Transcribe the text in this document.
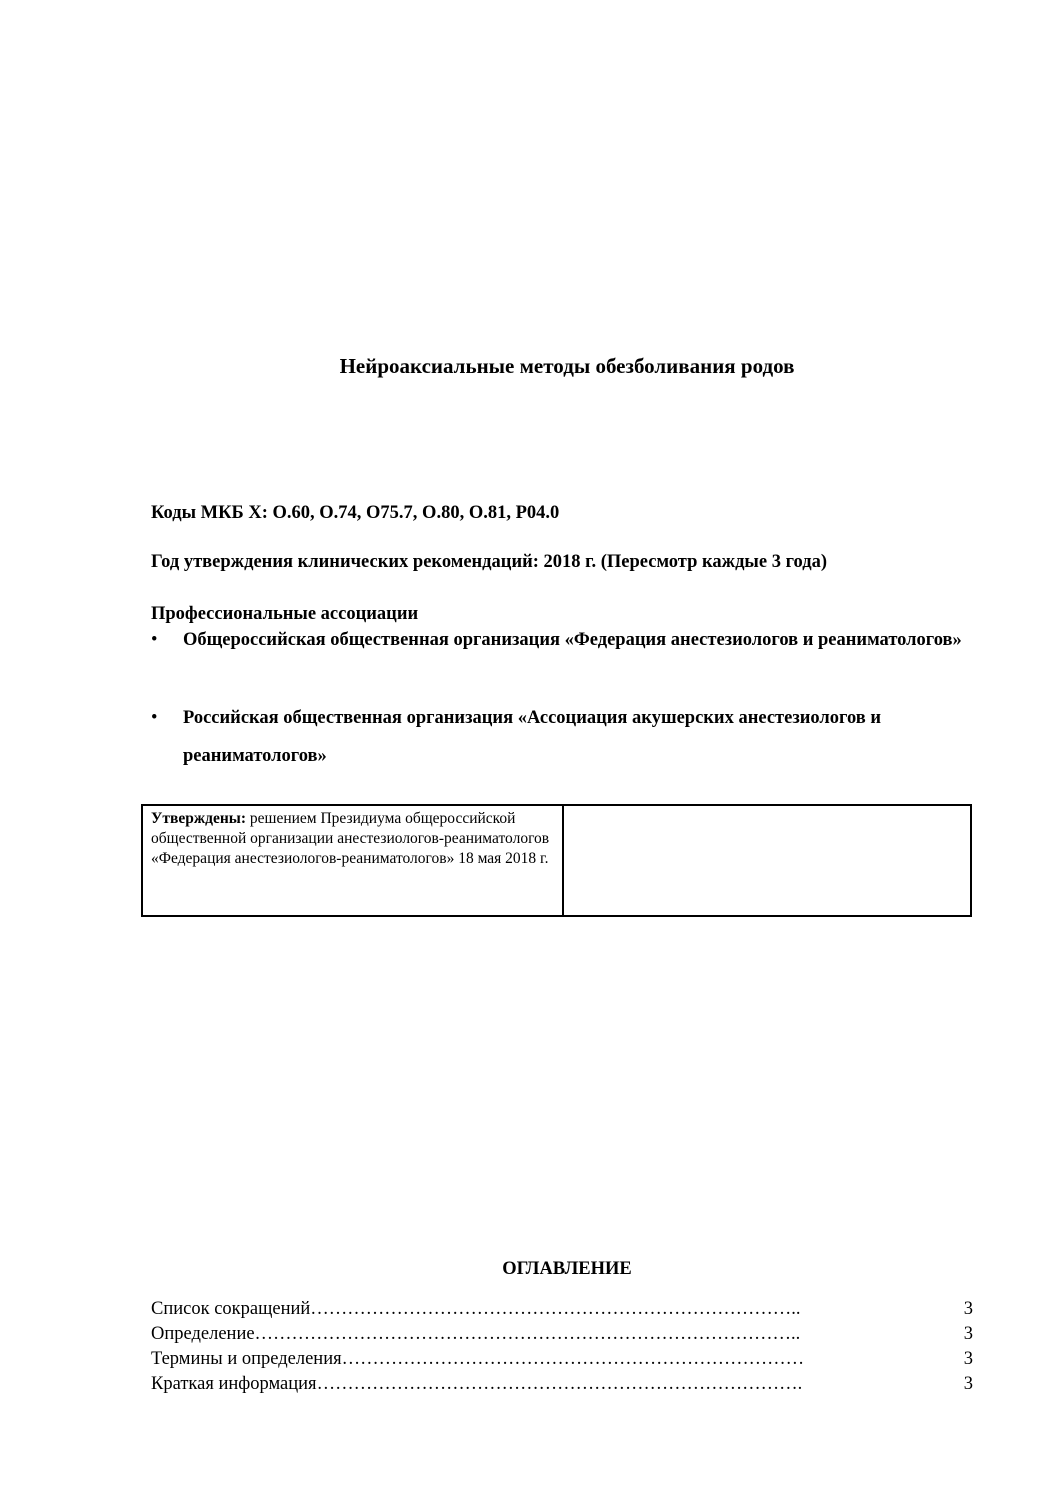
Нейроаксиальные методы обезболивания родов
Коды МКБ X: O.60, O.74, O75.7, O.80, O.81, P04.0
Год утверждения клинических рекомендаций: 2018 г. (Пересмотр каждые 3 года)
Профессиональные ассоциации
•	Общероссийская общественная организация «Федерация анестезиологов и реаниматологов»
•	Российская общественная организация «Ассоциация акушерских анестезиологов и реаниматологов»
Утверждены: решением Президиума общероссийской общественной организации анестезиологов-реаниматологов «Федерация анестезиологов-реаниматологов» 18 мая 2018 г.
ОГЛАВЛЕНИЕ
Список сокращений……………………………………………………………………..	3
Определение……………………………………………………………………………..	3
Термины и определения…………………………………………………………………	3
Краткая информация…………………………………………………………………….	3
